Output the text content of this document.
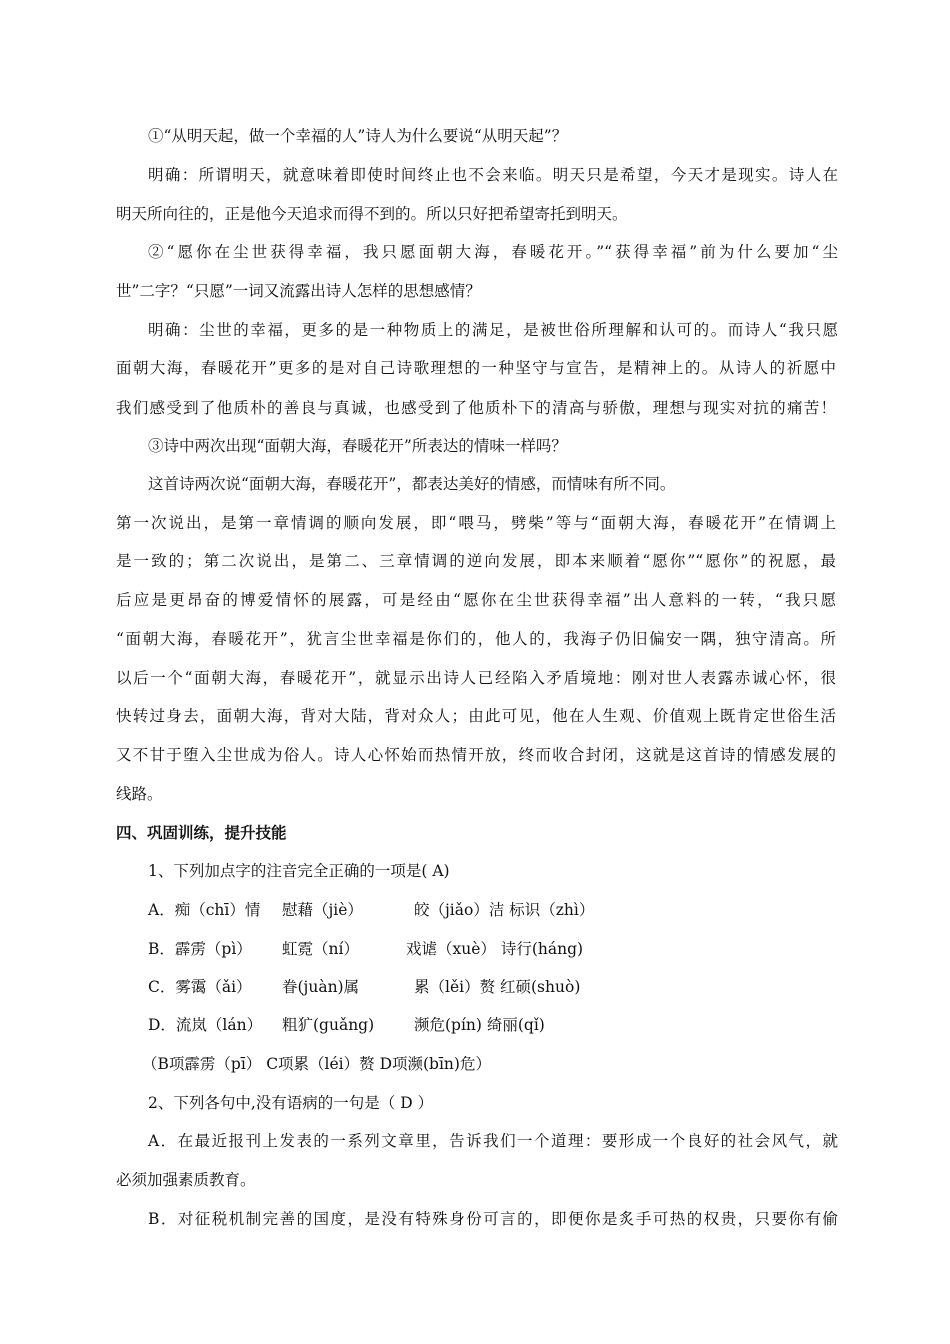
①“从明天起，做一个幸福的人”诗人为什么要说“从明天起”？
明确：所谓明天，就意味着即使时间终止也不会来临。明天只是希望，今天才是现实。诗人在
明天所向往的，正是他今天追求而得不到的。所以只好把希望寄托到明天。
②“愿你在尘世获得幸福，我只愿面朝大海，春暖花开。”“获得幸福”前为什么要加“尘
世”二字？“只愿”一词又流露出诗人怎样的思想感情？
明确：尘世的幸福，更多的是一种物质上的满足，是被世俗所理解和认可的。而诗人“我只愿
面朝大海，春暖花开”更多的是对自己诗歌理想的一种坚守与宣告，是精神上的。从诗人的祈愿中
我们感受到了他质朴的善良与真诚，也感受到了他质朴下的清高与骄傲，理想与现实对抗的痛苦！
③诗中两次出现“面朝大海，春暖花开”所表达的情味一样吗？
这首诗两次说“面朝大海，春暖花开”，都表达美好的情感，而情味有所不同。
第一次说出，是第一章情调的顺向发展，即“喂马，劈柴”等与“面朝大海，春暖花开”在情调上
是一致的；第二次说出，是第二、三章情调的逆向发展，即本来顺着“愿你”“愿你”的祝愿，最
后应是更昂奋的博爱情怀的展露，可是经由“愿你在尘世获得幸福”出人意料的一转，“我只愿
“面朝大海，春暖花开”，犹言尘世幸福是你们的，他人的，我海子仍旧偏安一隅，独守清高。所
以后一个“面朝大海，春暖花开”，就显示出诗人已经陷入矛盾境地：刚对世人表露赤诚心怀，很
快转过身去，面朝大海，背对大陆，背对众人；由此可见，他在人生观、价值观上既肯定世俗生活
又不甘于堕入尘世成为俗人。诗人心怀始而热情开放，终而收合封闭，这就是这首诗的情感发展的
线路。
四、巩固训练，提升技能
1、下列加点字的注音完全正确的一项是( A)
A．痴（chī）情 慰藉（jiè）	皎（jiǎo）洁 标识（zhì）
B．霹雳（pì） 虹霓（ní）	戏谑（xuè） 诗行(háng)
C．雾霭（ǎi） 眷(juàn)属	累（lěi）赘 红硕(shuò)
D．流岚（lán） 粗犷(guǎng)	濒危(pín) 绮丽(qǐ)
（B项霹雳（pī） C项累（léi）赘 D项濒(bīn)危）
2、下列各句中,没有语病的一句是（ D ）
A．在最近报刊上发表的一系列文章里，告诉我们一个道理：要形成一个良好的社会风气，就
必须加强素质教育。
B．对征税机制完善的国度，是没有特殊身份可言的，即便你是炙手可热的权贵，只要你有偷
